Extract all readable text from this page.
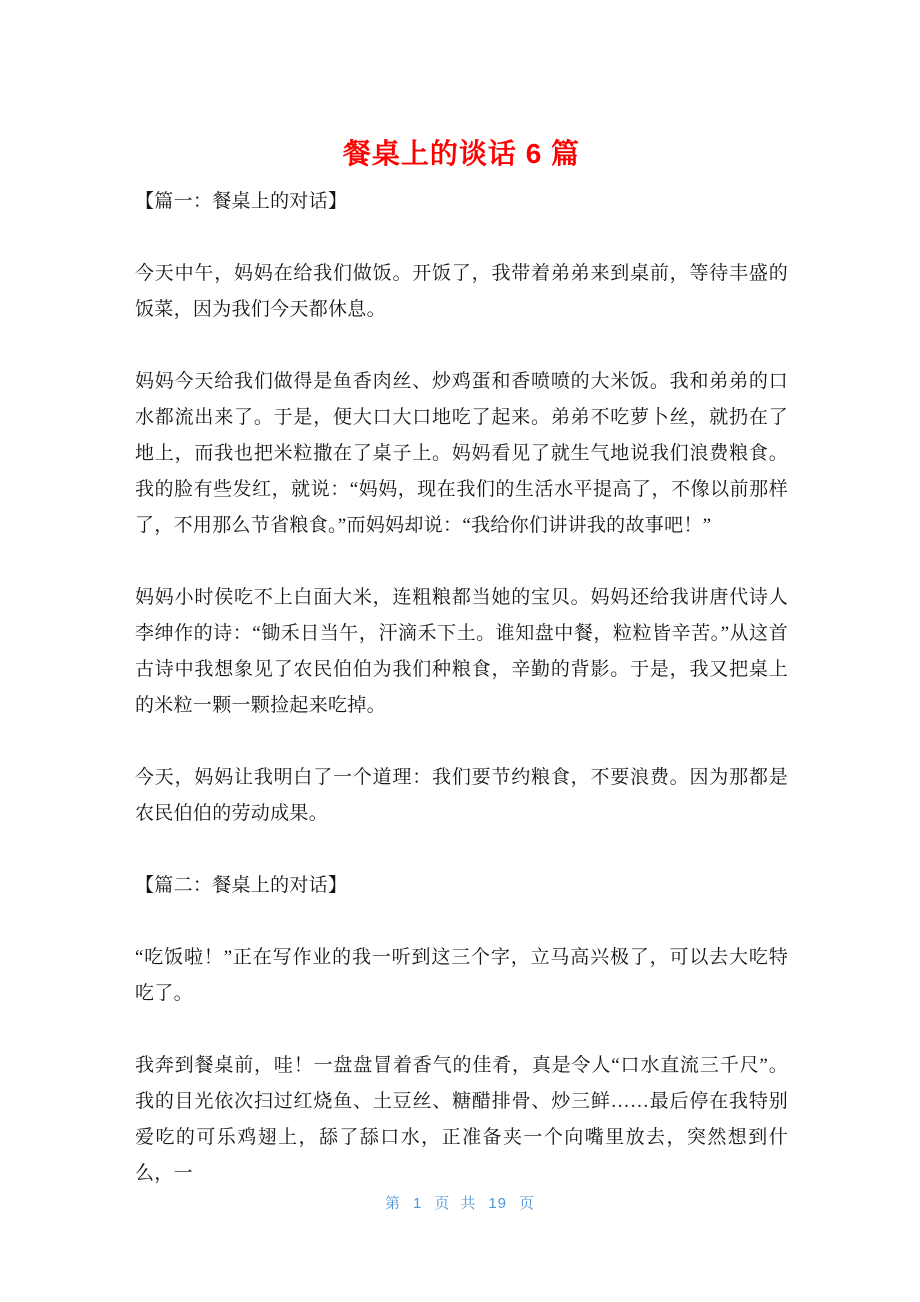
餐桌上的谈话 6 篇
【篇一：餐桌上的对话】

今天中午，妈妈在给我们做饭。开饭了，我带着弟弟来到桌前，等待丰盛的饭菜，因为我们今天都休息。

妈妈今天给我们做得是鱼香肉丝、炒鸡蛋和香喷喷的大米饭。我和弟弟的口水都流出来了。于是，便大口大口地吃了起来。弟弟不吃萝卜丝，就扔在了地上，而我也把米粒撒在了桌子上。妈妈看见了就生气地说我们浪费粮食。我的脸有些发红，就说：“妈妈，现在我们的生活水平提高了，不像以前那样了，不用那么节省粮食。”而妈妈却说：“我给你们讲讲我的故事吧！”

妈妈小时侯吃不上白面大米，连粗粮都当她的宝贝。妈妈还给我讲唐代诗人李绅作的诗：“锄禾日当午，汗滴禾下土。谁知盘中餐，粒粒皆辛苦。”从这首古诗中我想象见了农民伯伯为我们种粮食，辛勤的背影。于是，我又把桌上的米粒一颗一颗捡起来吃掉。

今天，妈妈让我明白了一个道理：我们要节约粮食，不要浪费。因为那都是农民伯伯的劳动成果。

【篇二：餐桌上的对话】

“吃饭啦！”正在写作业的我一听到这三个字，立马高兴极了，可以去大吃特吃了。

我奔到餐桌前，哇！一盘盘冒着香气的佳肴，真是令人“口水直流三千尺”。我的目光依次扫过红烧鱼、土豆丝、糖醋排骨、炒三鲜……最后停在我特别爱吃的可乐鸡翅上，舔了舔口水，正准备夹一个向嘴里放去，突然想到什么，一

第 1 页 共 19 页
